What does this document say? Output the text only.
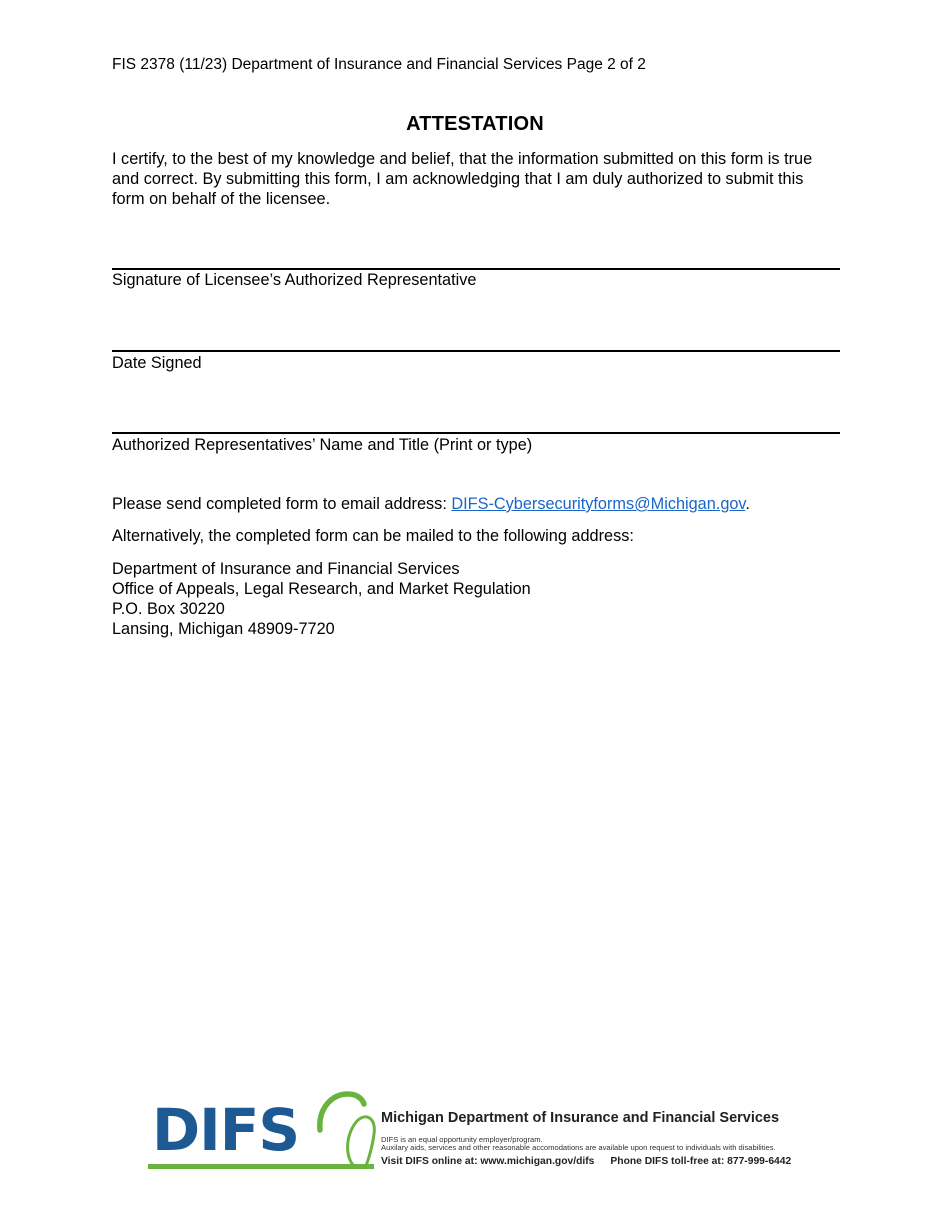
FIS 2378 (11/23) Department of Insurance and Financial Services Page 2 of 2
ATTESTATION
I certify, to the best of my knowledge and belief, that the information submitted on this form is true and correct. By submitting this form, I am acknowledging that I am duly authorized to submit this form on behalf of the licensee.
Signature of Licensee’s Authorized Representative
Date Signed
Authorized Representatives’ Name and Title (Print or type)
Please send completed form to email address: DIFS-Cybersecurityforms@Michigan.gov.
Alternatively, the completed form can be mailed to the following address:
Department of Insurance and Financial Services
Office of Appeals, Legal Research, and Market Regulation
P.O. Box 30220
Lansing, Michigan 48909-7720
DIFS	Michigan Department of Insurance and Financial Services
DIFS is an equal opportunity employer/program.
Auxilary aids, services and other reasonable accomodations are available upon request to individuals with disabilities.
Visit DIFS online at: www.michigan.gov/difs Phone DIFS toll-free at: 877-999-6442
